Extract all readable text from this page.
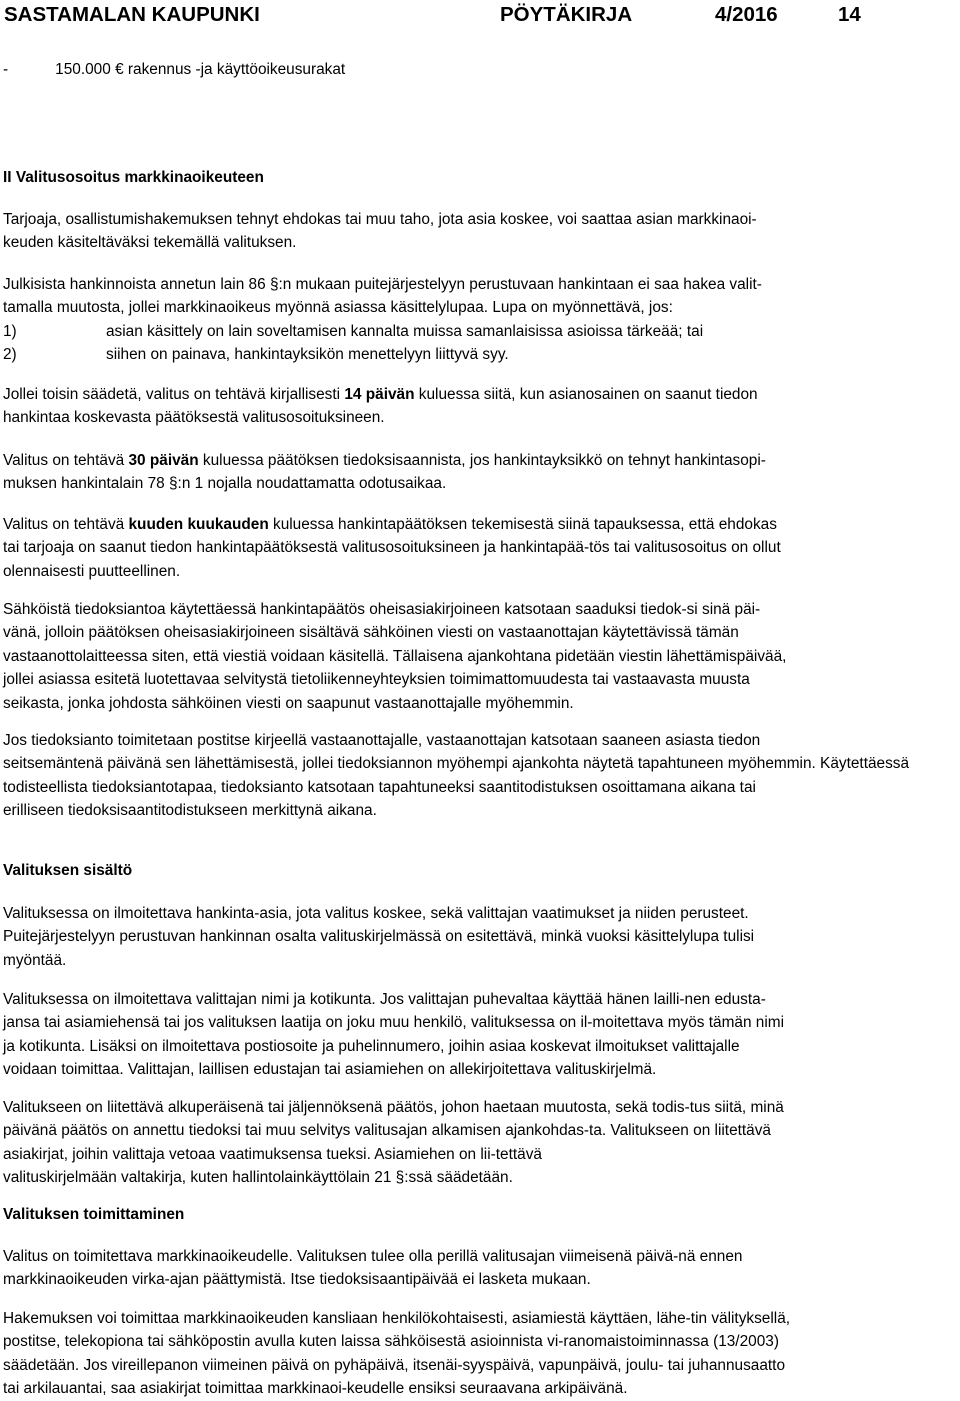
SASTAMALAN KAUPUNKI	PÖYTÄKIRJA	4/2016	14
-           150.000 € rakennus -ja käyttöoikeusurakat
II Valitusosoitus markkinaoikeuteen
Tarjoaja, osallistumishakemuksen tehnyt ehdokas tai muu taho, jota asia koskee, voi saattaa asian markkinaoi-
keuden käsiteltäväksi tekemällä valituksen.
Julkisista hankinnoista annetun lain 86 §:n mukaan puitejärjestelyyn perustuvaan hankintaan ei saa hakea valit-
tamalla muutosta, jollei markkinaoikeus myönnä asiassa käsittelylupaa. Lupa on myönnettävä, jos:
1)	asian käsittely on lain soveltamisen kannalta muissa samanlaisissa asioissa tärkeää; tai
2)	siihen on painava, hankintayksikön menettelyyn liittyvä syy.
Jollei toisin säädetä, valitus on tehtävä kirjallisesti 14 päivän kuluessa siitä, kun asianosainen on saanut tiedon
hankintaa koskevasta päätöksestä valitusosoituksineen.
Valitus on tehtävä 30 päivän kuluessa päätöksen tiedoksisaannista, jos hankintayksikkö on tehnyt hankintasopi-
muksen hankintalain 78 §:n 1 nojalla noudattamatta odotusaikaa.
Valitus on tehtävä kuuden kuukauden kuluessa hankintapäätöksen tekemisestä siinä tapauksessa, että ehdokas
tai tarjoaja on saanut tiedon hankintapäätöksestä valitusosoituksineen ja hankintapää-tös tai valitusosoitus on ollut
olennaisesti puutteellinen.
Sähköistä tiedoksiantoa käytettäessä hankintapäätös oheisasiakirjoineen katsotaan saaduksi tiedok-si sinä päi-
vänä, jolloin päätöksen oheisasiakirjoineen sisältävä sähköinen viesti on vastaanottajan käytettävissä tämän
vastaanottolaitteessa siten, että viestiä voidaan käsitellä. Tällaisena ajankohtana pidetään viestin lähettämispäivää,
jollei asiassa esitetä luotettavaa selvitystä tietoliikenneyhteyksien toimimattomuudesta tai vastaavasta muusta
seikasta, jonka johdosta sähköinen viesti on saapunut vastaanottajalle myöhemmin.
Jos tiedoksianto toimitetaan postitse kirjeellä vastaanottajalle, vastaanottajan katsotaan saaneen asiasta tiedon
seitsemäntenä päivänä sen lähettämisestä, jollei tiedoksiannon myöhempi ajankohta näytetä tapahtuneen myöhemmin. Käytettäessä
todisteellista tiedoksiantotapaa, tiedoksianto katsotaan tapahtuneeksi saantitodistuksen osoittamana aikana tai
erilliseen tiedoksisaantitodistukseen merkittynä aikana.
Valituksen sisältö
Valituksessa on ilmoitettava hankinta-asia, jota valitus koskee, sekä valittajan vaatimukset ja niiden perusteet.
Puitejärjestelyyn perustuvan hankinnan osalta valituskirjelmässä on esitettävä, minkä vuoksi käsittelylupa tulisi
myöntää.
Valituksessa on ilmoitettava valittajan nimi ja kotikunta. Jos valittajan puhevaltaa käyttää hänen lailli-nen edusta-
jansa tai asiamiehensä tai jos valituksen laatija on joku muu henkilö, valituksessa on il-moitettava myös tämän nimi
ja kotikunta. Lisäksi on ilmoitettava postiosoite ja puhelinnumero, joihin asiaa koskevat ilmoitukset valittajalle
voidaan toimittaa. Valittajan, laillisen edustajan tai asiamiehen on allekirjoitettava valituskirjelmä.
Valitukseen on liitettävä alkuperäisenä tai jäljennöksenä päätös, johon haetaan muutosta, sekä todis-tus siitä, minä
päivänä päätös on annettu tiedoksi tai muu selvitys valitusajan alkamisen ajankohdas-ta. Valitukseen on liitettävä
asiakirjat, joihin valittaja vetoaa vaatimuksensa tueksi. Asiamiehen on lii-tettävä
valituskirjelmään valtakirja, kuten hallintolainkäyttölain 21 §:ssä säädetään.
Valituksen toimittaminen
Valitus on toimitettava markkinaoikeudelle. Valituksen tulee olla perillä valitusajan viimeisenä päivä-nä ennen
markkinaoikeuden virka-ajan päättymistä. Itse tiedoksisaantipäivää ei lasketa mukaan.
Hakemuksen voi toimittaa markkinaoikeuden kansliaan henkilökohtaisesti, asiamiestä käyttäen, lähe-tin välityksellä,
postitse, telekopiona tai sähköpostin avulla kuten laissa sähköisestä asioinnista vi-ranomaistoiminnassa (13/2003)
säädetään. Jos vireillepanon viimeinen päivä on pyhäpäivä, itsenäi-syyspäivä, vapunpäivä, joulu- tai juhannusaatto
tai arkilauantai, saa asiakirjat toimittaa markkinaoi-keudelle ensiksi seuraavana arkipäivänä.
